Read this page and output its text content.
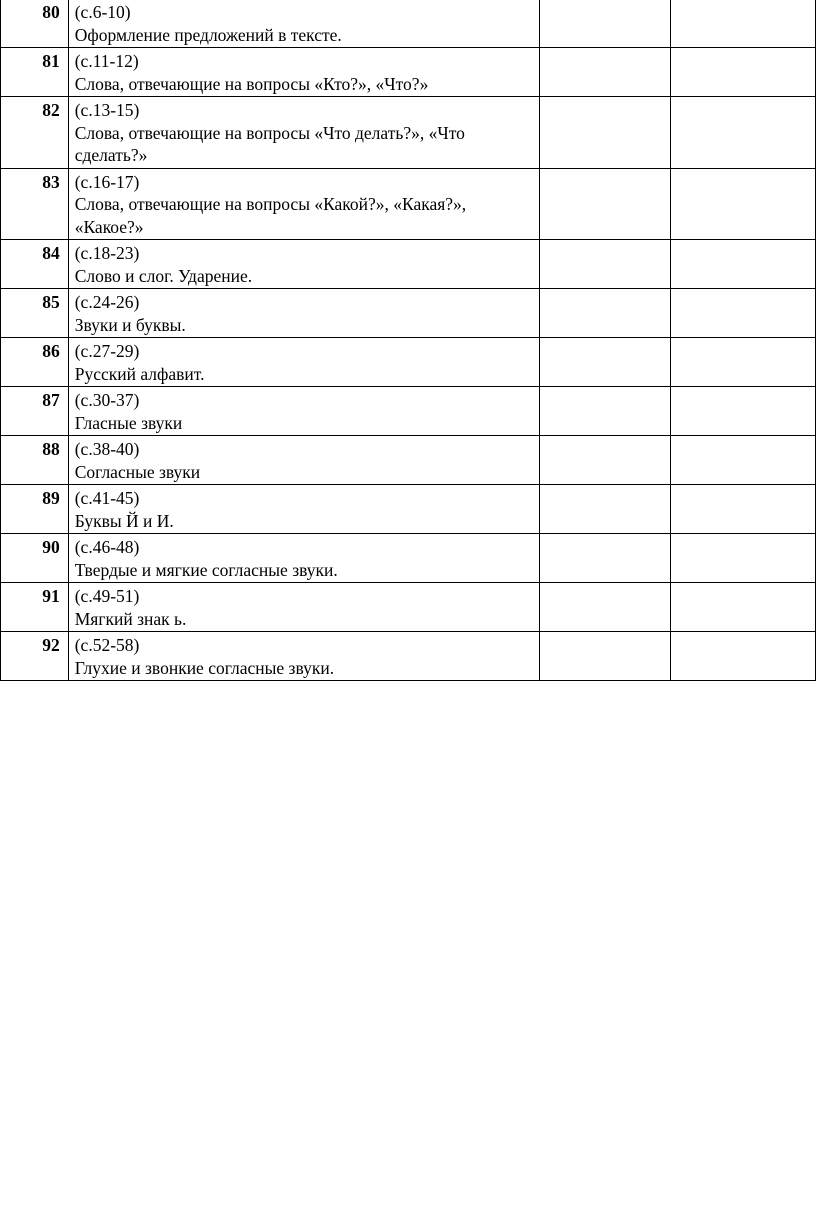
80	(с.6-10)
Оформление предложений в тексте.		

81	(с.11-12)
Слова, отвечающие на вопросы «Кто?», «Что?»		

82	(с.13-15)
Слова, отвечающие на вопросы «Что делать?», «Что сделать?»		

83	(с.16-17)
Слова, отвечающие на вопросы «Какой?», «Какая?», «Какое?»		

84	(с.18-23)
Слово и слог. Ударение.		

85	(с.24-26)
Звуки и буквы.		

86	(с.27-29)
Русский алфавит.		

87	(с.30-37)
Гласные звуки		

88	(с.38-40)
Согласные звуки		

89	(с.41-45)
Буквы Й и И.		

90	(с.46-48)
Твердые и мягкие согласные звуки.		

91	(с.49-51)
Мягкий знак ь.		

92	(с.52-58)
Глухие и звонкие согласные звуки.		
